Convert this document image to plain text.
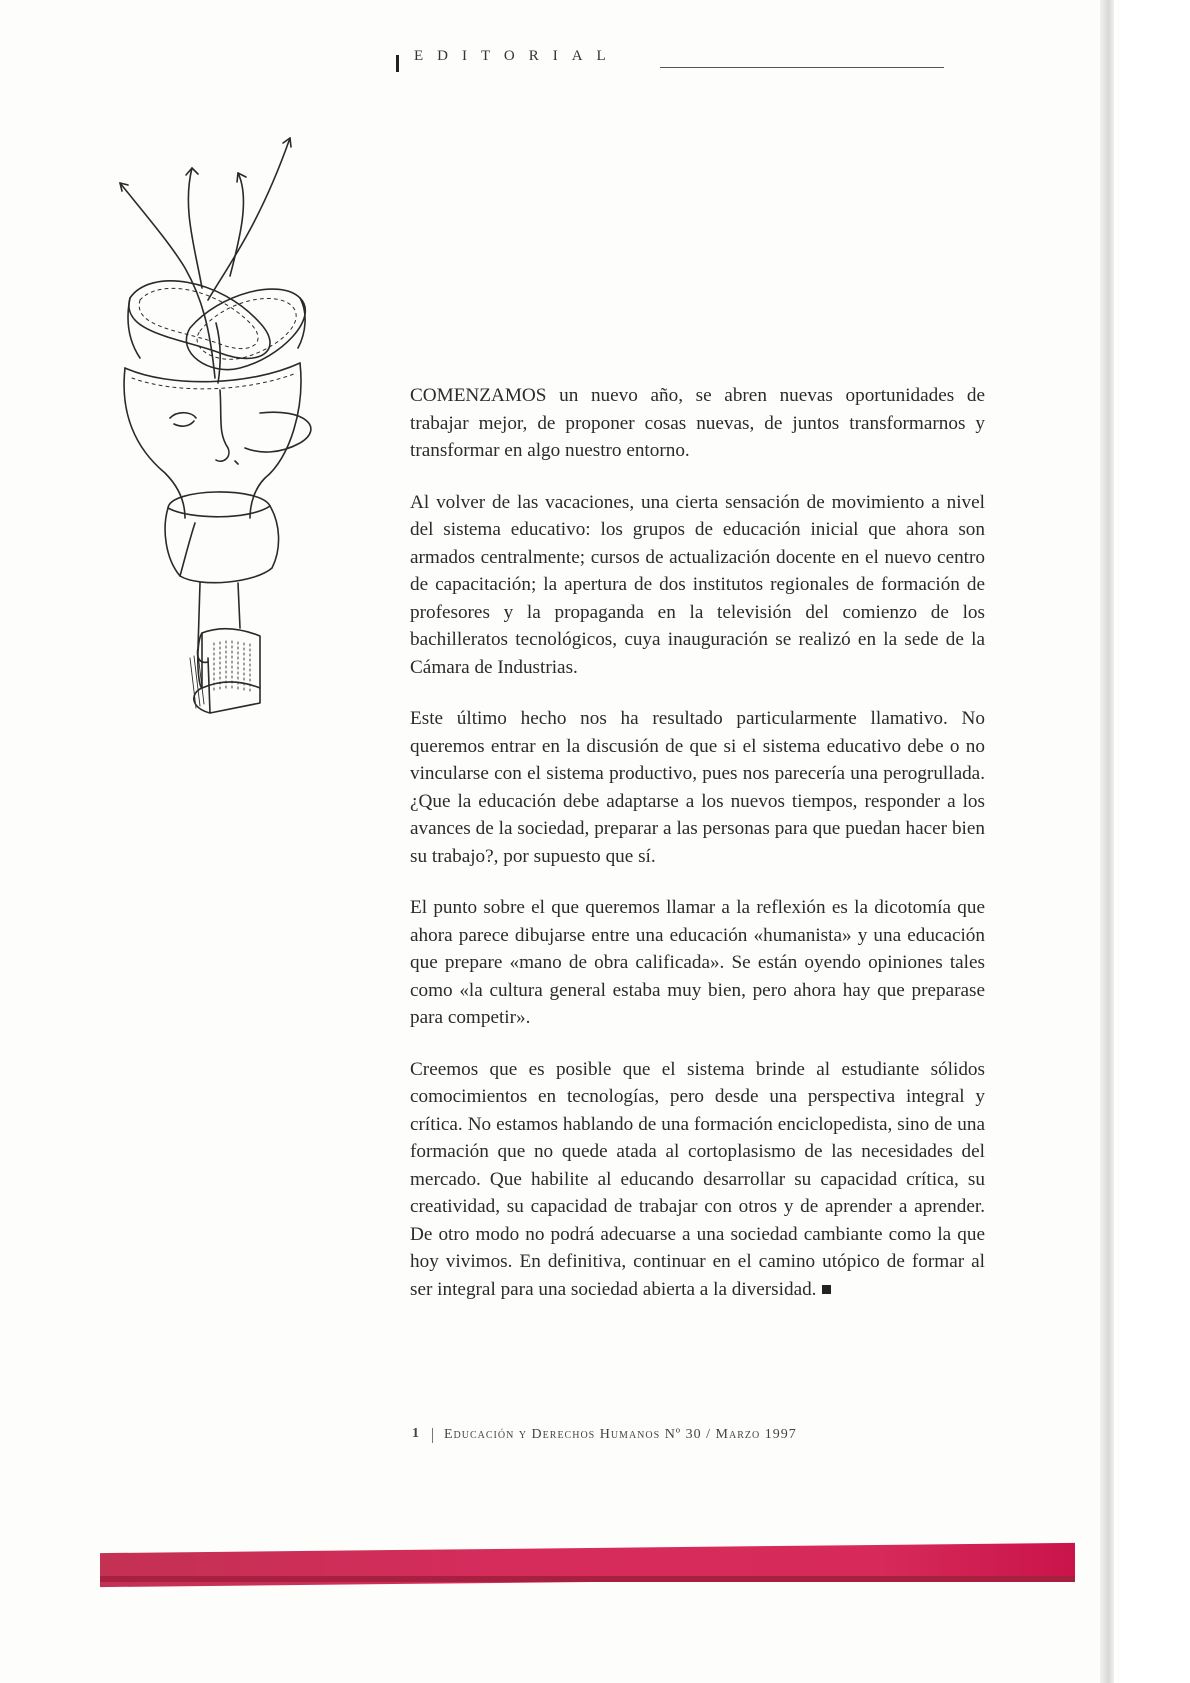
EDITORIAL

COMENZAMOS un nuevo año, se abren nuevas oportunidades de trabajar mejor, de proponer cosas nuevas, de juntos transformarnos y transformar en algo nuestro entorno.

Al volver de las vacaciones, una cierta sensación de movimiento a nivel del sistema educativo: los grupos de educación inicial que ahora son armados centralmente; cursos de actualización docente en el nuevo centro de capacitación; la apertura de dos institutos regionales de formación de profesores y la propaganda en la televisión del comienzo de los bachilleratos tecnológicos, cuya inauguración se realizó en la sede de la Cámara de Industrias.

Este último hecho nos ha resultado particularmente llamativo. No queremos entrar en la discusión de que si el sistema educativo debe o no vincularse con el sistema productivo, pues nos parecería una perogrullada. ¿Que la educación debe adaptarse a los nuevos tiempos, responder a los avances de la sociedad, preparar a las personas para que puedan hacer bien su trabajo?, por supuesto que sí.

El punto sobre el que queremos llamar a la reflexión es la dicotomía que ahora parece dibujarse entre una educación «humanista» y una educación que prepare «mano de obra calificada». Se están oyendo opiniones tales como «la cultura general estaba muy bien, pero ahora hay que preparase para competir».

Creemos que es posible que el sistema brinde al estudiante sólidos comocimientos en tecnologías, pero desde una perspectiva integral y crítica. No estamos hablando de una formación enciclopedista, sino de una formación que no quede atada al cortoplasismo de las necesidades del mercado. Que habilite al educando desarrollar su capacidad crítica, su creatividad, su capacidad de trabajar con otros y de aprender a aprender. De otro modo no podrá adecuarse a una sociedad cambiante como la que hoy vivimos. En definitiva, continuar en el camino utópico de formar al ser integral para una sociedad abierta a la diversidad.

1 Educación y Derechos Humanos Nº 30 / Marzo 1997
